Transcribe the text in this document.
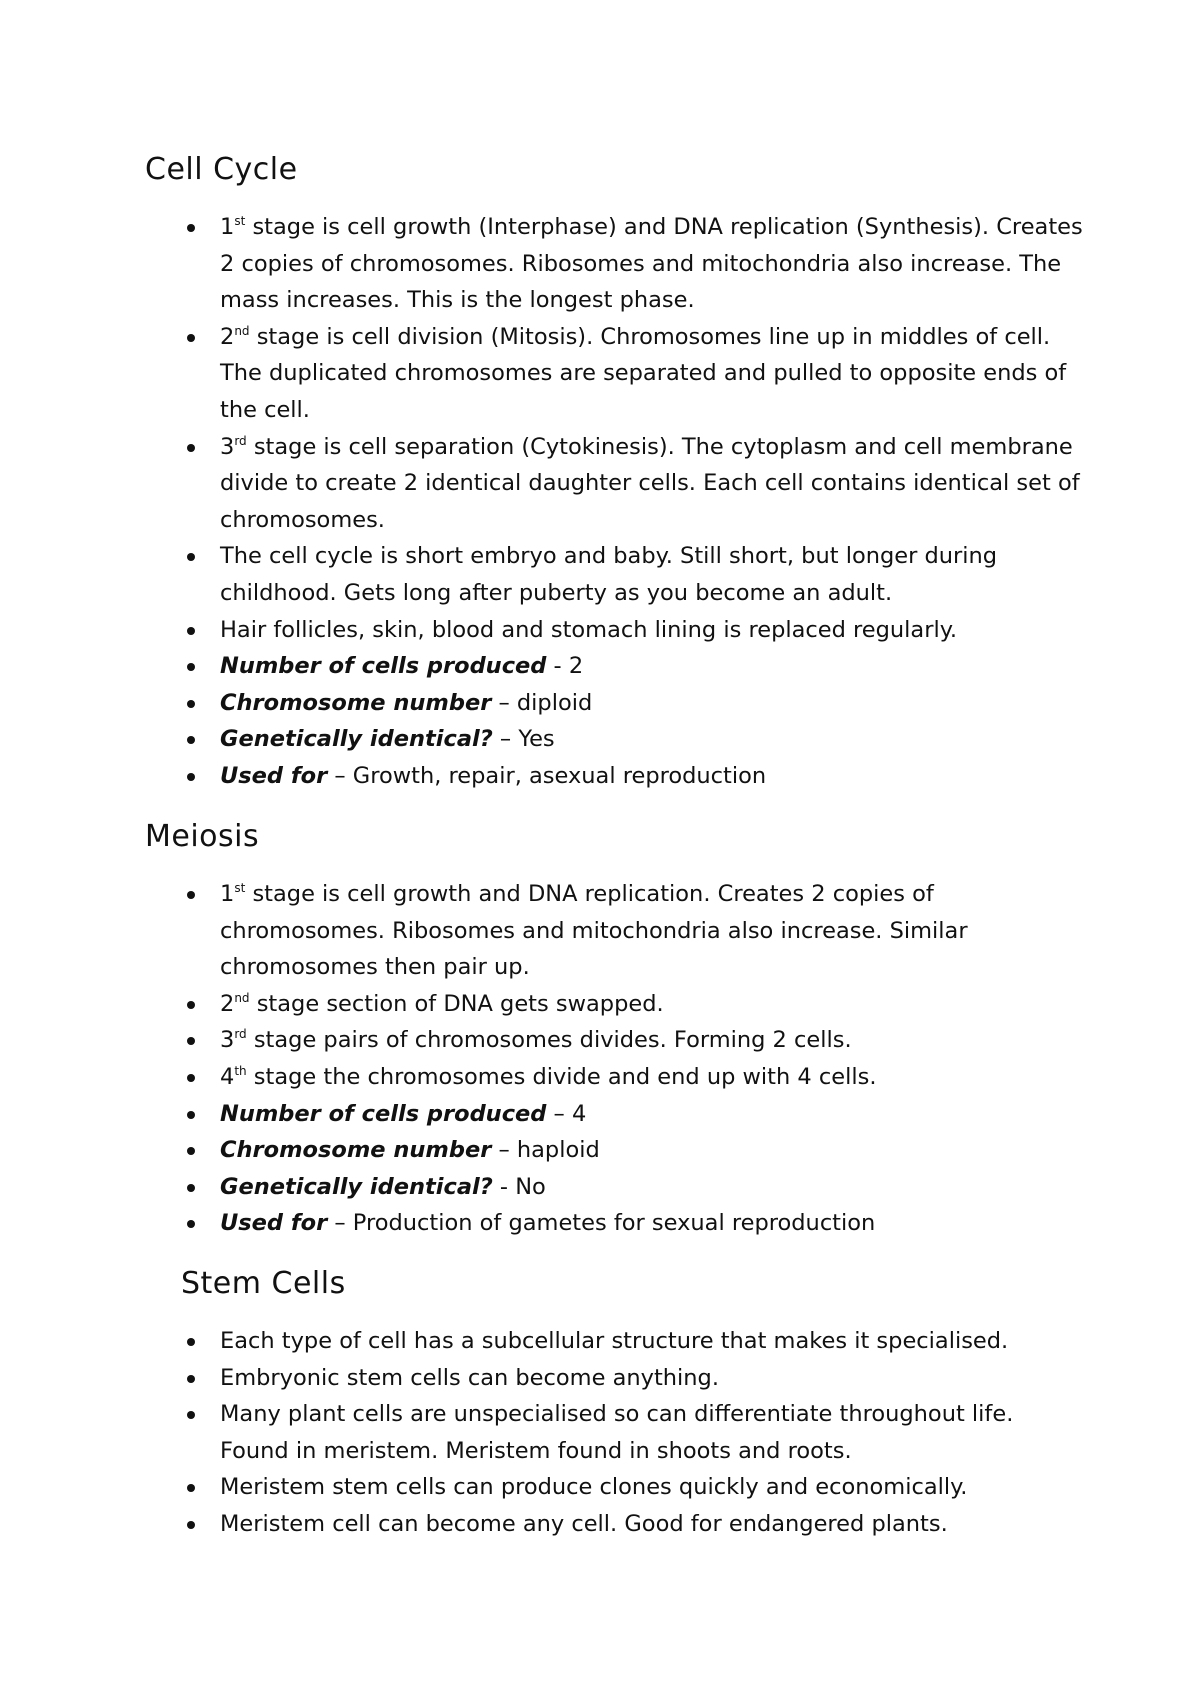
Cell Cycle
1st stage is cell growth (Interphase) and DNA replication (Synthesis). Creates 2 copies of chromosomes. Ribosomes and mitochondria also increase. The mass increases. This is the longest phase.
2nd stage is cell division (Mitosis). Chromosomes line up in middles of cell. The duplicated chromosomes are separated and pulled to opposite ends of the cell.
3rd stage is cell separation (Cytokinesis). The cytoplasm and cell membrane divide to create 2 identical daughter cells. Each cell contains identical set of chromosomes.
The cell cycle is short embryo and baby. Still short, but longer during childhood. Gets long after puberty as you become an adult.
Hair follicles, skin, blood and stomach lining is replaced regularly.
Number of cells produced - 2
Chromosome number – diploid
Genetically identical? – Yes
Used for – Growth, repair, asexual reproduction
Meiosis
1st stage is cell growth and DNA replication. Creates 2 copies of chromosomes. Ribosomes and mitochondria also increase. Similar chromosomes then pair up.
2nd stage section of DNA gets swapped.
3rd stage pairs of chromosomes divides. Forming 2 cells.
4th stage the chromosomes divide and end up with 4 cells.
Number of cells produced – 4
Chromosome number – haploid
Genetically identical? - No
Used for – Production of gametes for sexual reproduction
Stem Cells
Each type of cell has a subcellular structure that makes it specialised.
Embryonic stem cells can become anything.
Many plant cells are unspecialised so can differentiate throughout life. Found in meristem. Meristem found in shoots and roots.
Meristem stem cells can produce clones quickly and economically.
Meristem cell can become any cell. Good for endangered plants.
